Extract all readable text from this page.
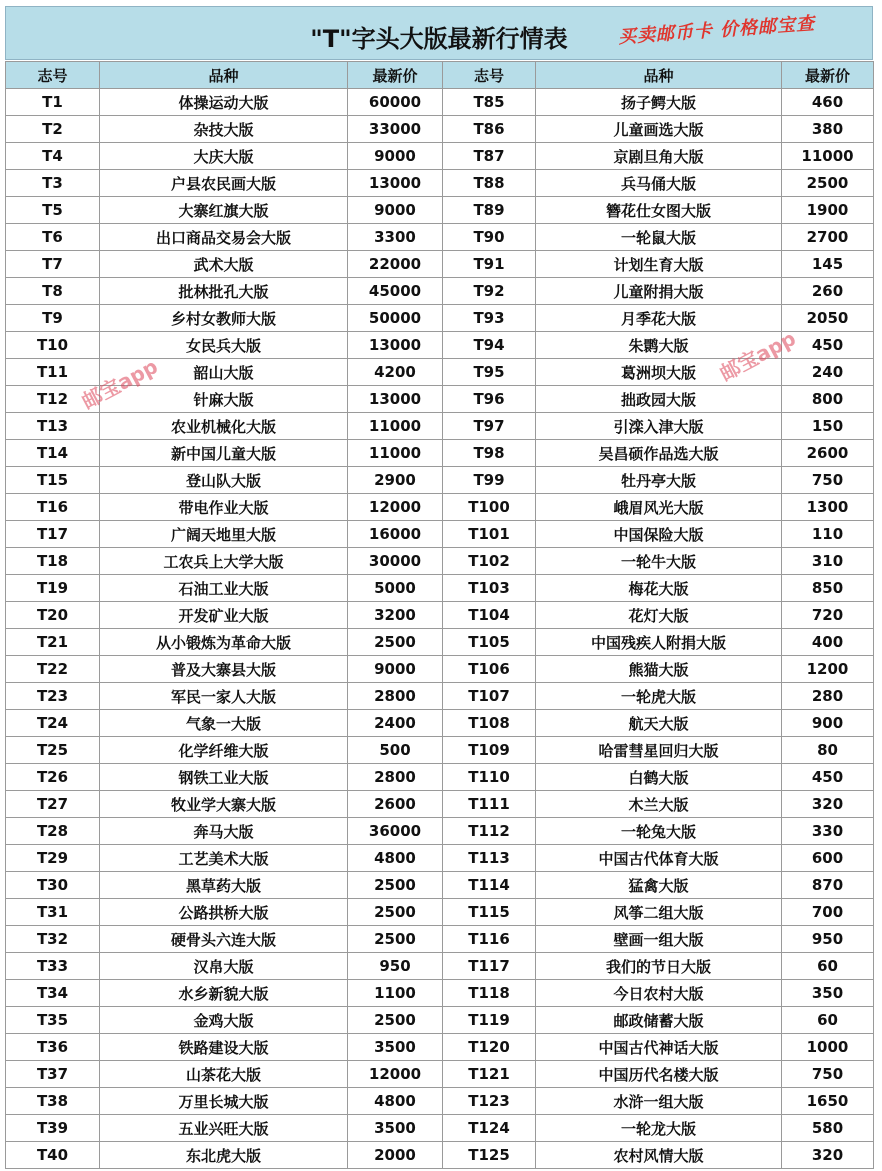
"T"字头大版最新行情表	买卖邮币卡 价格邮宝查
志号	品种	最新价	志号	品种	最新价
T1	体操运动大版	60000	T85	扬子鳄大版	460
T2	杂技大版	33000	T86	儿童画选大版	380
T4	大庆大版	9000	T87	京剧旦角大版	11000
T3	户县农民画大版	13000	T88	兵马俑大版	2500
T5	大寨红旗大版	9000	T89	簪花仕女图大版	1900
T6	出口商品交易会大版	3300	T90	一轮鼠大版	2700
T7	武术大版	22000	T91	计划生育大版	145
T8	批林批孔大版	45000	T92	儿童附捐大版	260
T9	乡村女教师大版	50000	T93	月季花大版	2050
T10	女民兵大版	13000	T94	朱鹮大版	450
T11	韶山大版	4200	T95	葛洲坝大版	240
T12	针麻大版	13000	T96	拙政园大版	800
T13	农业机械化大版	11000	T97	引滦入津大版	150
T14	新中国儿童大版	11000	T98	吴昌硕作品选大版	2600
T15	登山队大版	2900	T99	牡丹亭大版	750
T16	带电作业大版	12000	T100	峨眉风光大版	1300
T17	广阔天地里大版	16000	T101	中国保险大版	110
T18	工农兵上大学大版	30000	T102	一轮牛大版	310
T19	石油工业大版	5000	T103	梅花大版	850
T20	开发矿业大版	3200	T104	花灯大版	720
T21	从小锻炼为革命大版	2500	T105	中国残疾人附捐大版	400
T22	普及大寨县大版	9000	T106	熊猫大版	1200
T23	军民一家人大版	2800	T107	一轮虎大版	280
T24	气象一大版	2400	T108	航天大版	900
T25	化学纤维大版	500	T109	哈雷彗星回归大版	80
T26	钢铁工业大版	2800	T110	白鹤大版	450
T27	牧业学大寨大版	2600	T111	木兰大版	320
T28	奔马大版	36000	T112	一轮兔大版	330
T29	工艺美术大版	4800	T113	中国古代体育大版	600
T30	黑草药大版	2500	T114	猛禽大版	870
T31	公路拱桥大版	2500	T115	风筝二组大版	700
T32	硬骨头六连大版	2500	T116	壁画一组大版	950
T33	汉帛大版	950	T117	我们的节日大版	60
T34	水乡新貌大版	1100	T118	今日农村大版	350
T35	金鸡大版	2500	T119	邮政储蓄大版	60
T36	铁路建设大版	3500	T120	中国古代神话大版	1000
T37	山茶花大版	12000	T121	中国历代名楼大版	750
T38	万里长城大版	4800	T123	水浒一组大版	1650
T39	五业兴旺大版	3500	T124	一轮龙大版	580
T40	东北虎大版	2000	T125	农村风情大版	320
邮宝app	邮宝app
